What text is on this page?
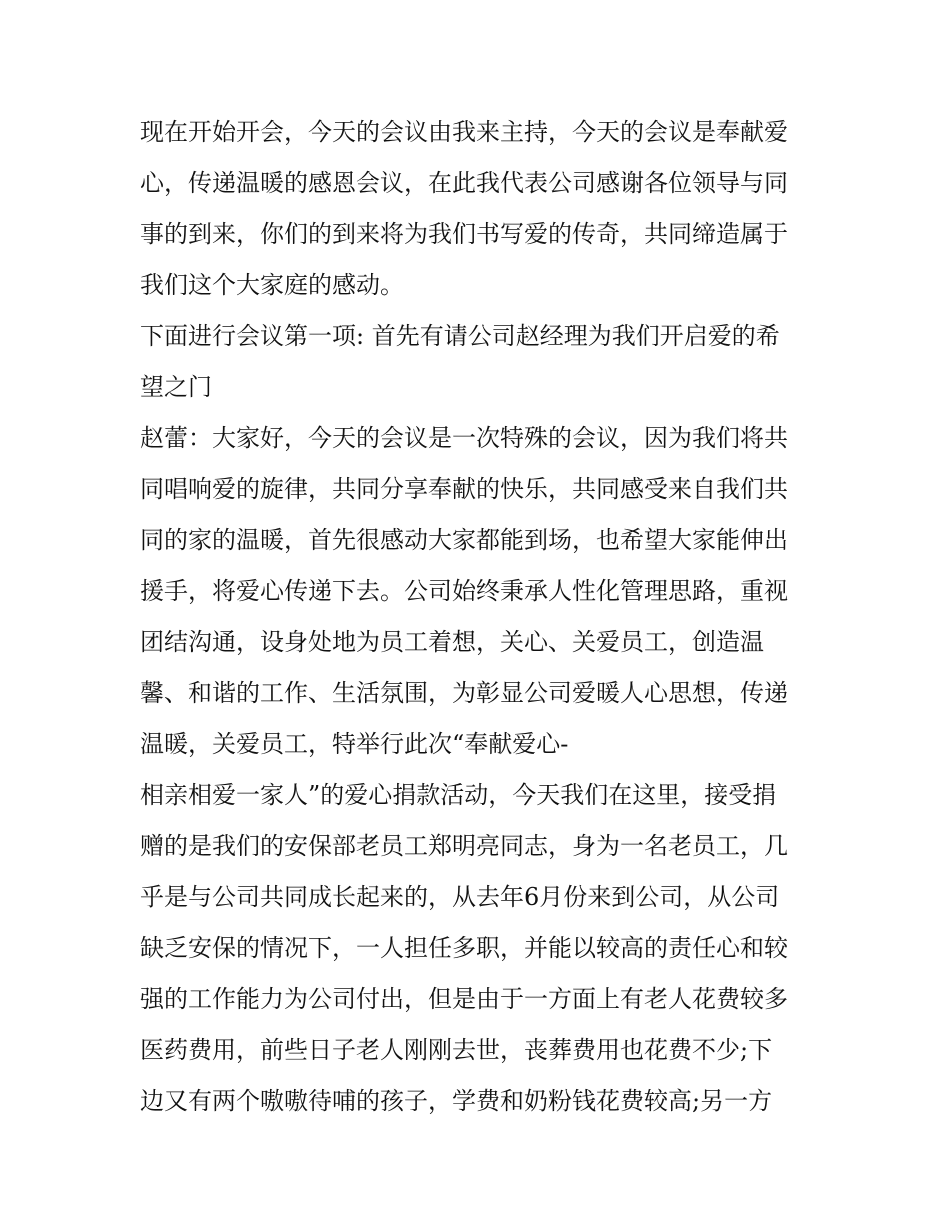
现在开始开会，今天的会议由我来主持，今天的会议是奉献爱
心，传递温暖的感恩会议，在此我代表公司感谢各位领导与同
事的到来，你们的到来将为我们书写爱的传奇，共同缔造属于
我们这个大家庭的感动。
下面进行会议第一项: 首先有请公司赵经理为我们开启爱的希
望之门
赵蕾：大家好，今天的会议是一次特殊的会议，因为我们将共
同唱响爱的旋律，共同分享奉献的快乐，共同感受来自我们共
同的家的温暖，首先很感动大家都能到场，也希望大家能伸出
援手，将爱心传递下去。公司始终秉承人性化管理思路，重视
团结沟通，设身处地为员工着想，关心、关爱员工，创造温
馨、和谐的工作、生活氛围，为彰显公司爱暖人心思想，传递
温暖，关爱员工，特举行此次“奉献爱心-
相亲相爱一家人”的爱心捐款活动，今天我们在这里，接受捐
赠的是我们的安保部老员工郑明亮同志，身为一名老员工，几
乎是与公司共同成长起来的，从去年6月份来到公司，从公司
缺乏安保的情况下，一人担任多职，并能以较高的责任心和较
强的工作能力为公司付出，但是由于一方面上有老人花费较多
医药费用，前些日子老人刚刚去世，丧葬费用也花费不少;下
边又有两个嗷嗷待哺的孩子，学费和奶粉钱花费较高;另一方
